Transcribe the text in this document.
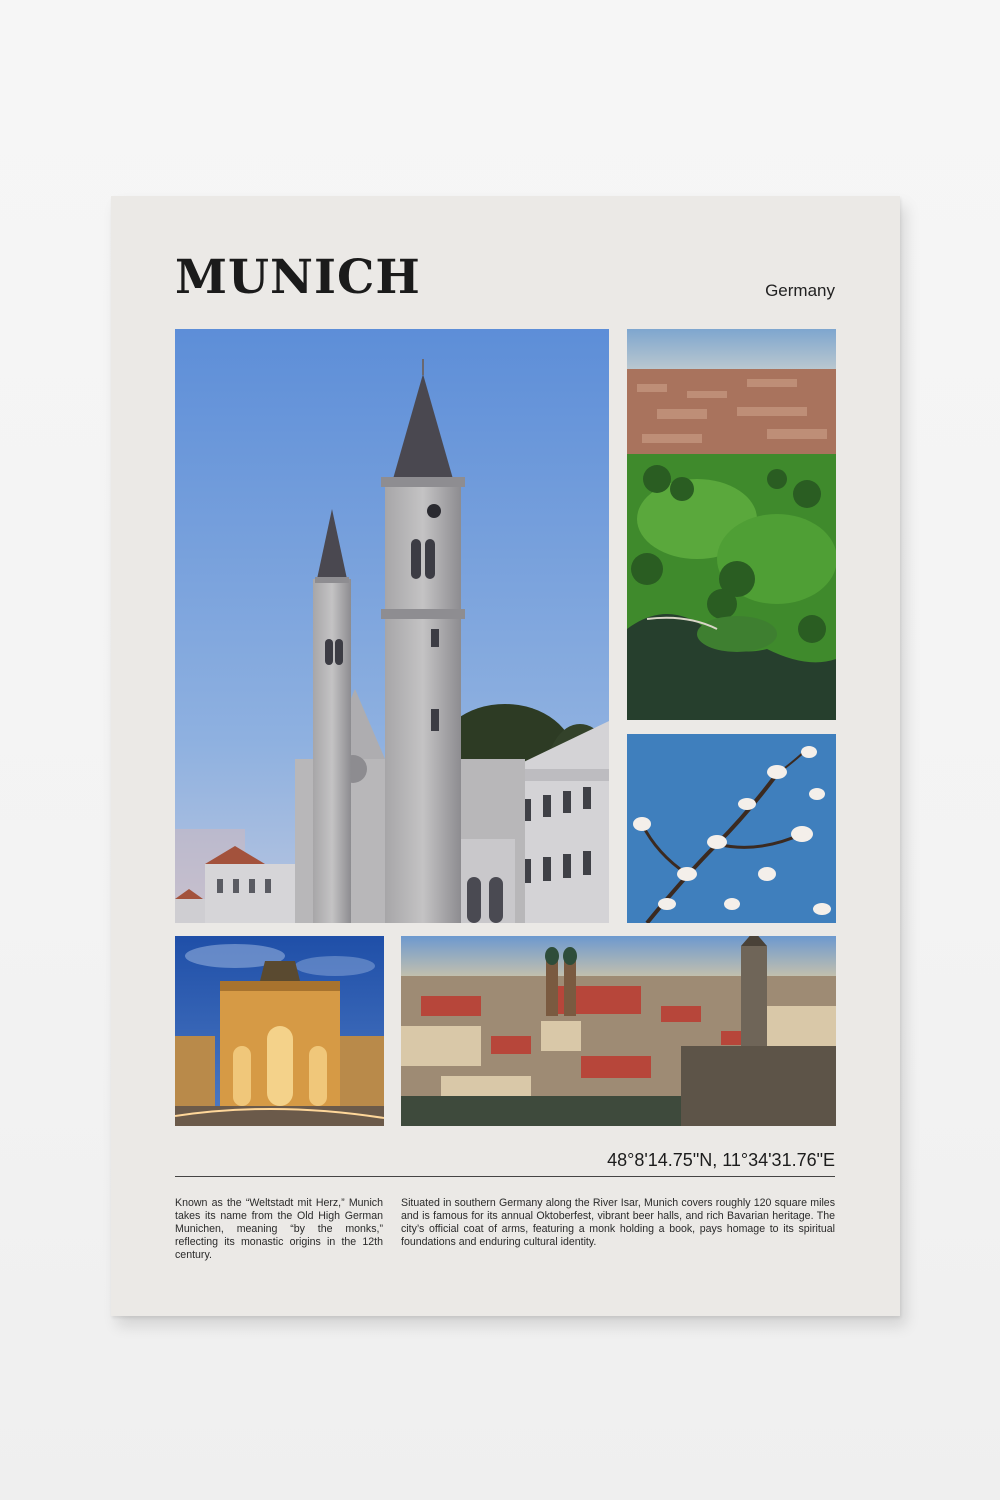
MUNICH	Germany
48°8'14.75"N, 11°34'31.76"E

Known as the “Weltstadt mit Herz,” Munich takes its name from the Old High German Munichen, meaning “by the monks,” reflecting its monastic origins in the 12th century.

Situated in southern Germany along the River Isar, Munich covers roughly 120 square miles and is famous for its annual Oktoberfest, vibrant beer halls, and rich Bavarian heritage. The city’s official coat of arms, featuring a monk holding a book, pays homage to its spiritual foundations and enduring cultural identity.
